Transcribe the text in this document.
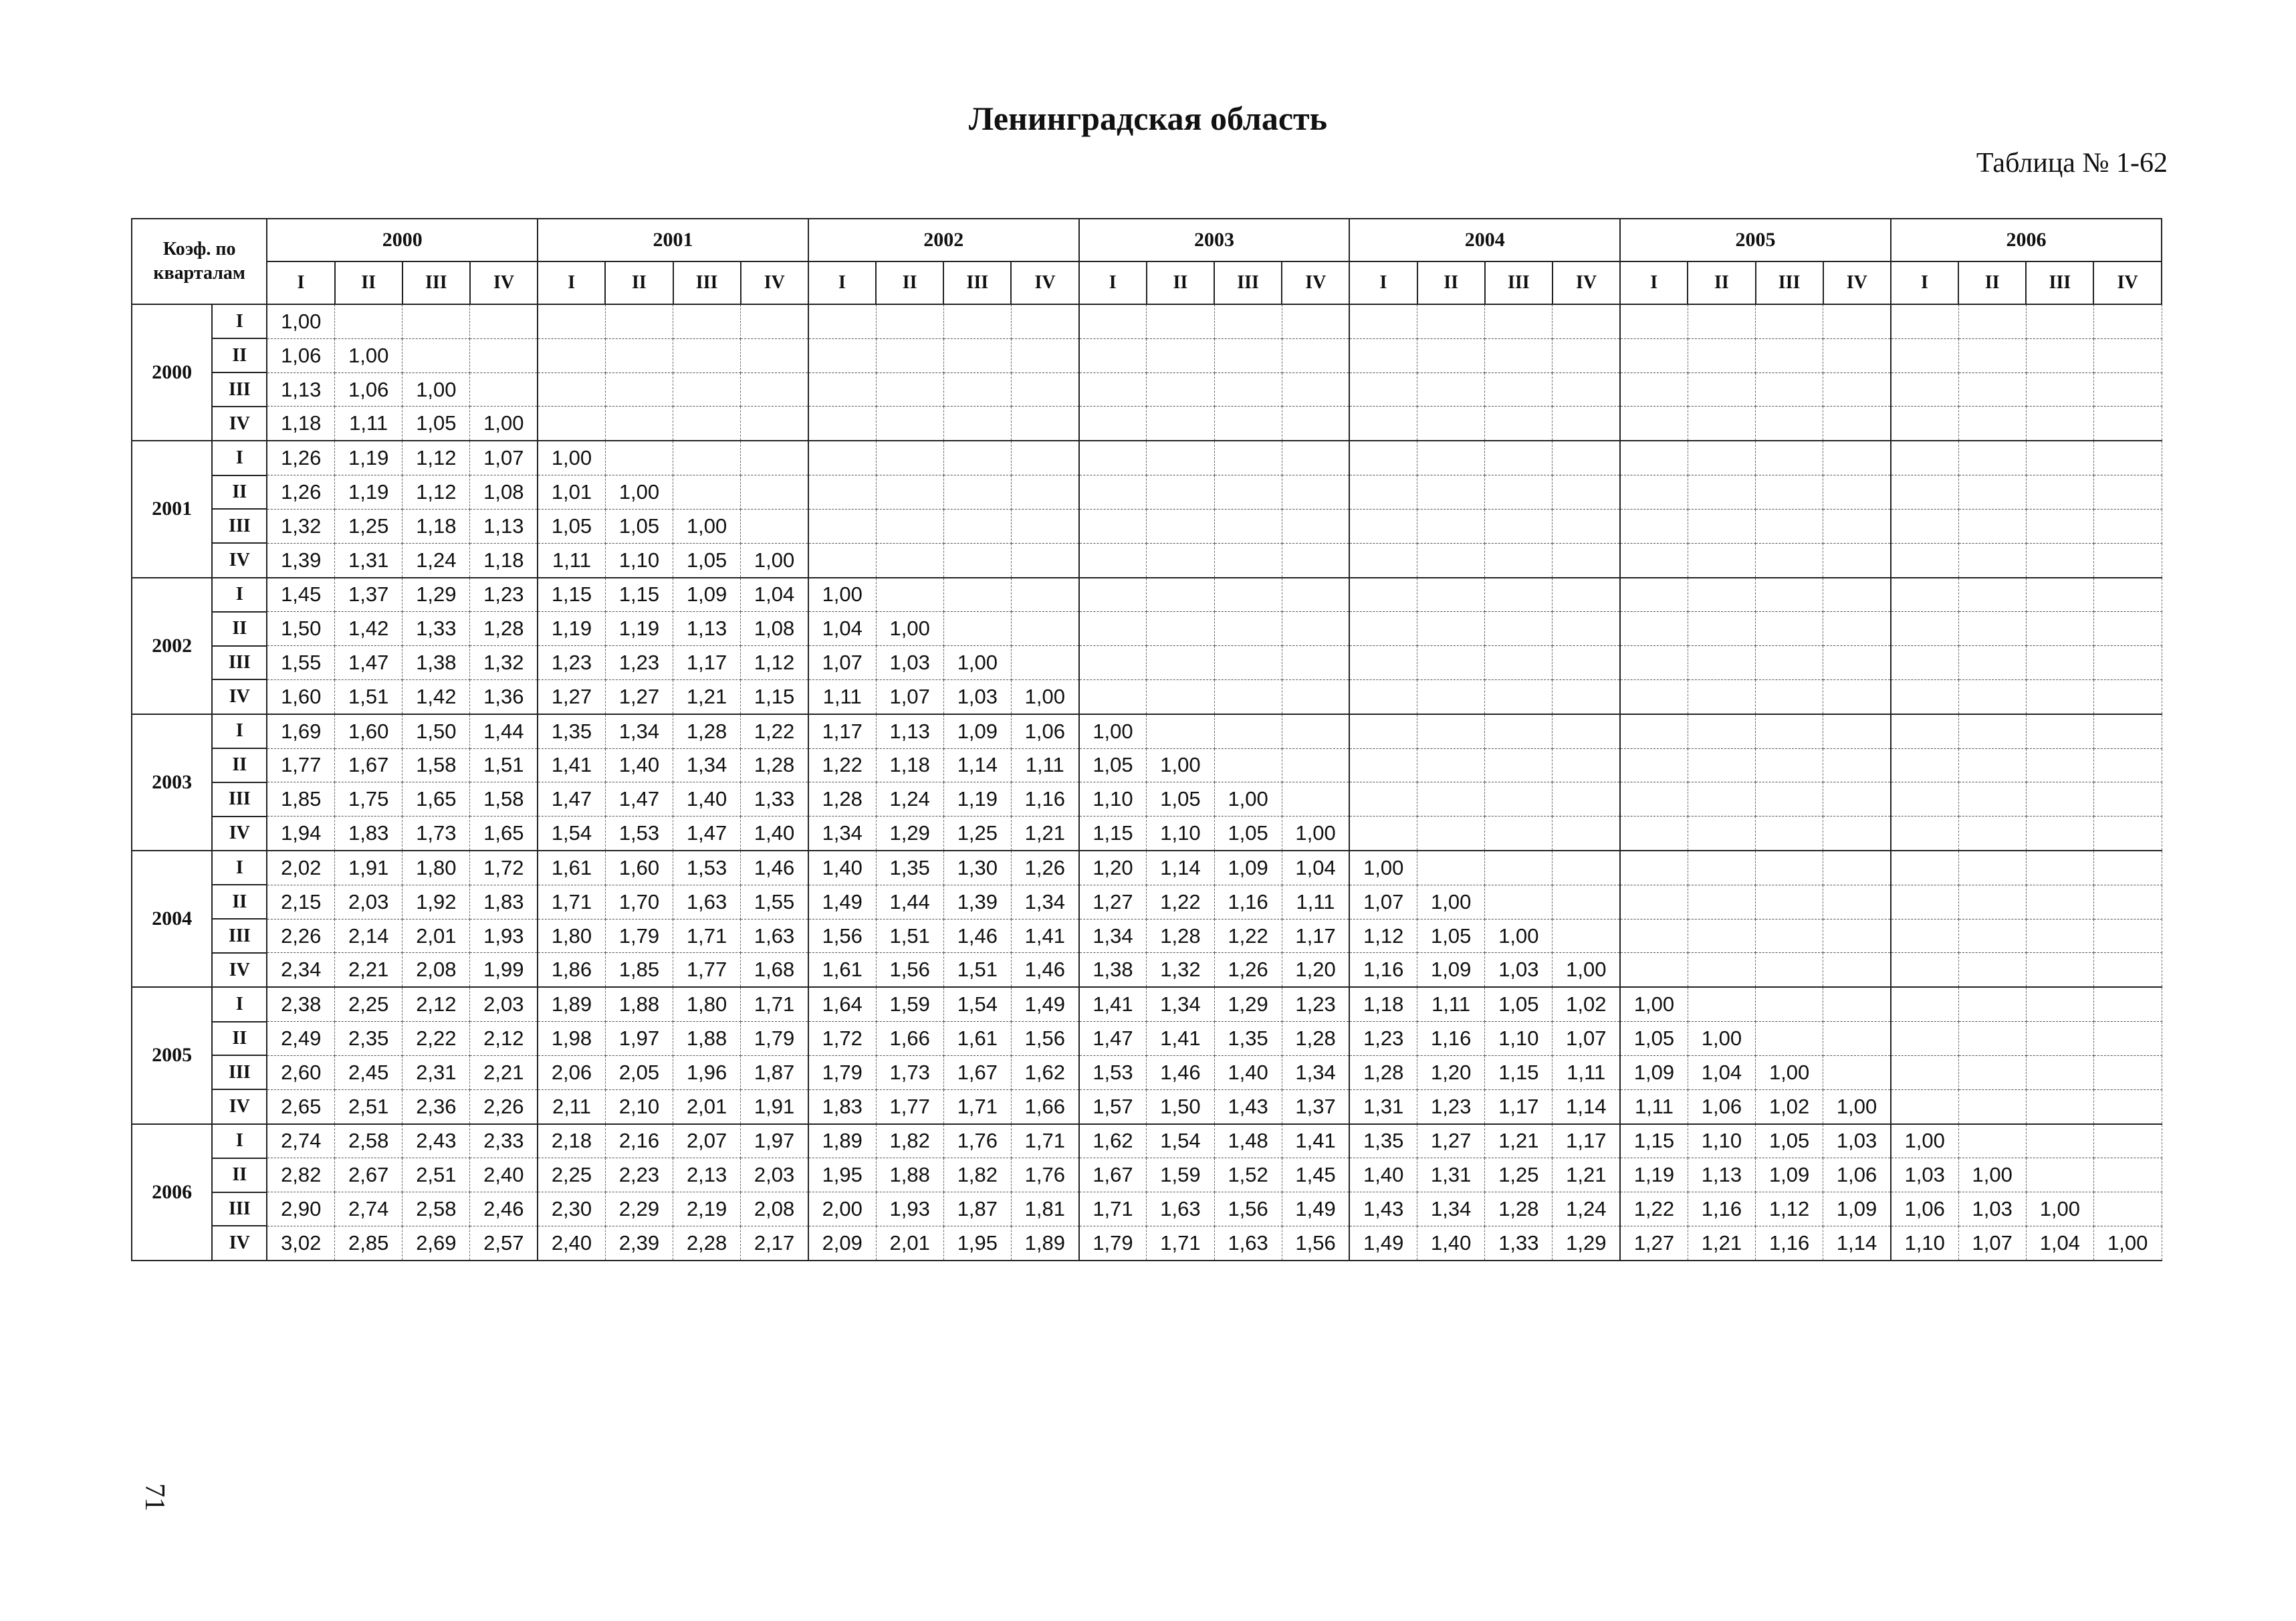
Ленинградская область
Таблица № 1-62
Коэф. по кварталам		2000				2001				2002				2003				2004				2005				2006			
		I	II	III	IV	I	II	III	IV	I	II	III	IV	I	II	III	IV	I	II	III	IV	I	II	III	IV	I	II	III	IV
2000	I	1,00																											
	II	1,06	1,00																										
	III	1,13	1,06	1,00																									
	IV	1,18	1,11	1,05	1,00																								
2001	I	1,26	1,19	1,12	1,07	1,00																							
	II	1,26	1,19	1,12	1,08	1,01	1,00																						
	III	1,32	1,25	1,18	1,13	1,05	1,05	1,00																					
	IV	1,39	1,31	1,24	1,18	1,11	1,10	1,05	1,00																				
2002	I	1,45	1,37	1,29	1,23	1,15	1,15	1,09	1,04	1,00																			
	II	1,50	1,42	1,33	1,28	1,19	1,19	1,13	1,08	1,04	1,00																		
	III	1,55	1,47	1,38	1,32	1,23	1,23	1,17	1,12	1,07	1,03	1,00																	
	IV	1,60	1,51	1,42	1,36	1,27	1,27	1,21	1,15	1,11	1,07	1,03	1,00																
2003	I	1,69	1,60	1,50	1,44	1,35	1,34	1,28	1,22	1,17	1,13	1,09	1,06	1,00															
	II	1,77	1,67	1,58	1,51	1,41	1,40	1,34	1,28	1,22	1,18	1,14	1,11	1,05	1,00														
	III	1,85	1,75	1,65	1,58	1,47	1,47	1,40	1,33	1,28	1,24	1,19	1,16	1,10	1,05	1,00													
	IV	1,94	1,83	1,73	1,65	1,54	1,53	1,47	1,40	1,34	1,29	1,25	1,21	1,15	1,10	1,05	1,00												
2004	I	2,02	1,91	1,80	1,72	1,61	1,60	1,53	1,46	1,40	1,35	1,30	1,26	1,20	1,14	1,09	1,04	1,00											
	II	2,15	2,03	1,92	1,83	1,71	1,70	1,63	1,55	1,49	1,44	1,39	1,34	1,27	1,22	1,16	1,11	1,07	1,00										
	III	2,26	2,14	2,01	1,93	1,80	1,79	1,71	1,63	1,56	1,51	1,46	1,41	1,34	1,28	1,22	1,17	1,12	1,05	1,00									
	IV	2,34	2,21	2,08	1,99	1,86	1,85	1,77	1,68	1,61	1,56	1,51	1,46	1,38	1,32	1,26	1,20	1,16	1,09	1,03	1,00								
2005	I	2,38	2,25	2,12	2,03	1,89	1,88	1,80	1,71	1,64	1,59	1,54	1,49	1,41	1,34	1,29	1,23	1,18	1,11	1,05	1,02	1,00							
	II	2,49	2,35	2,22	2,12	1,98	1,97	1,88	1,79	1,72	1,66	1,61	1,56	1,47	1,41	1,35	1,28	1,23	1,16	1,10	1,07	1,05	1,00						
	III	2,60	2,45	2,31	2,21	2,06	2,05	1,96	1,87	1,79	1,73	1,67	1,62	1,53	1,46	1,40	1,34	1,28	1,20	1,15	1,11	1,09	1,04	1,00					
	IV	2,65	2,51	2,36	2,26	2,11	2,10	2,01	1,91	1,83	1,77	1,71	1,66	1,57	1,50	1,43	1,37	1,31	1,23	1,17	1,14	1,11	1,06	1,02	1,00				
2006	I	2,74	2,58	2,43	2,33	2,18	2,16	2,07	1,97	1,89	1,82	1,76	1,71	1,62	1,54	1,48	1,41	1,35	1,27	1,21	1,17	1,15	1,10	1,05	1,03	1,00			
	II	2,82	2,67	2,51	2,40	2,25	2,23	2,13	2,03	1,95	1,88	1,82	1,76	1,67	1,59	1,52	1,45	1,40	1,31	1,25	1,21	1,19	1,13	1,09	1,06	1,03	1,00		
	III	2,90	2,74	2,58	2,46	2,30	2,29	2,19	2,08	2,00	1,93	1,87	1,81	1,71	1,63	1,56	1,49	1,43	1,34	1,28	1,24	1,22	1,16	1,12	1,09	1,06	1,03	1,00	
	IV	3,02	2,85	2,69	2,57	2,40	2,39	2,28	2,17	2,09	2,01	1,95	1,89	1,79	1,71	1,63	1,56	1,49	1,40	1,33	1,29	1,27	1,21	1,16	1,14	1,10	1,07	1,04	1,00
71
